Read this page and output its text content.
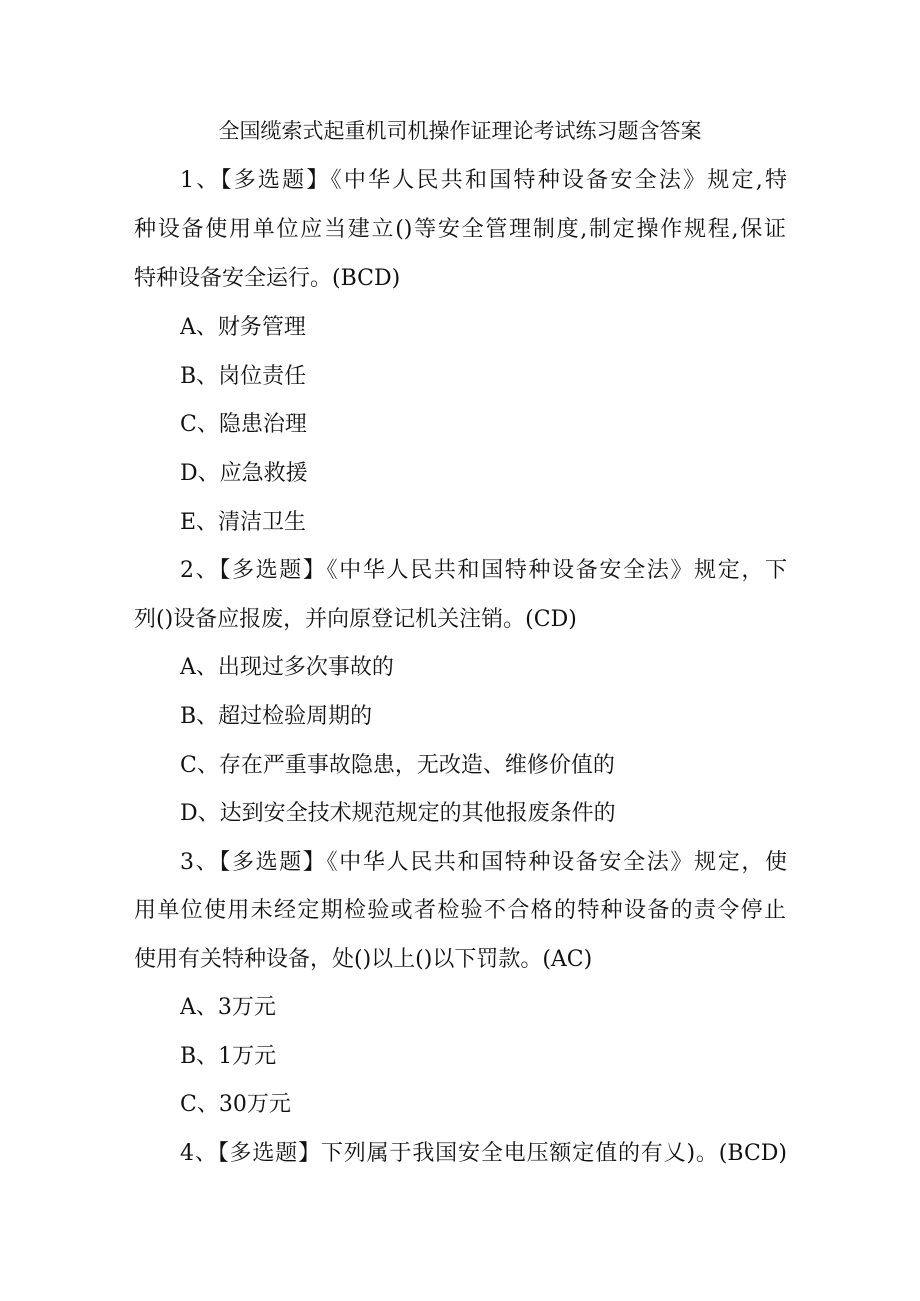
全国缆索式起重机司机操作证理论考试练习题含答案
1、【多选题】《中华人民共和国特种设备安全法》规定,特
种设备使用单位应当建立()等安全管理制度,制定操作规程,保证
特种设备安全运行。(BCD)
A、财务管理
B、岗位责任
C、隐患治理
D、应急救援
E、清洁卫生
2、【多选题】《中华人民共和国特种设备安全法》规定，下
列()设备应报废，并向原登记机关注销。(CD)
A、出现过多次事故的
B、超过检验周期的
C、存在严重事故隐患，无改造、维修价值的
D、达到安全技术规范规定的其他报废条件的
3、【多选题】《中华人民共和国特种设备安全法》规定，使
用单位使用未经定期检验或者检验不合格的特种设备的责令停止
使用有关特种设备，处()以上()以下罚款。(AC)
A、3万元
B、1万元
C、30万元
4、【多选题】下列属于我国安全电压额定值的有乂)。(BCD)
